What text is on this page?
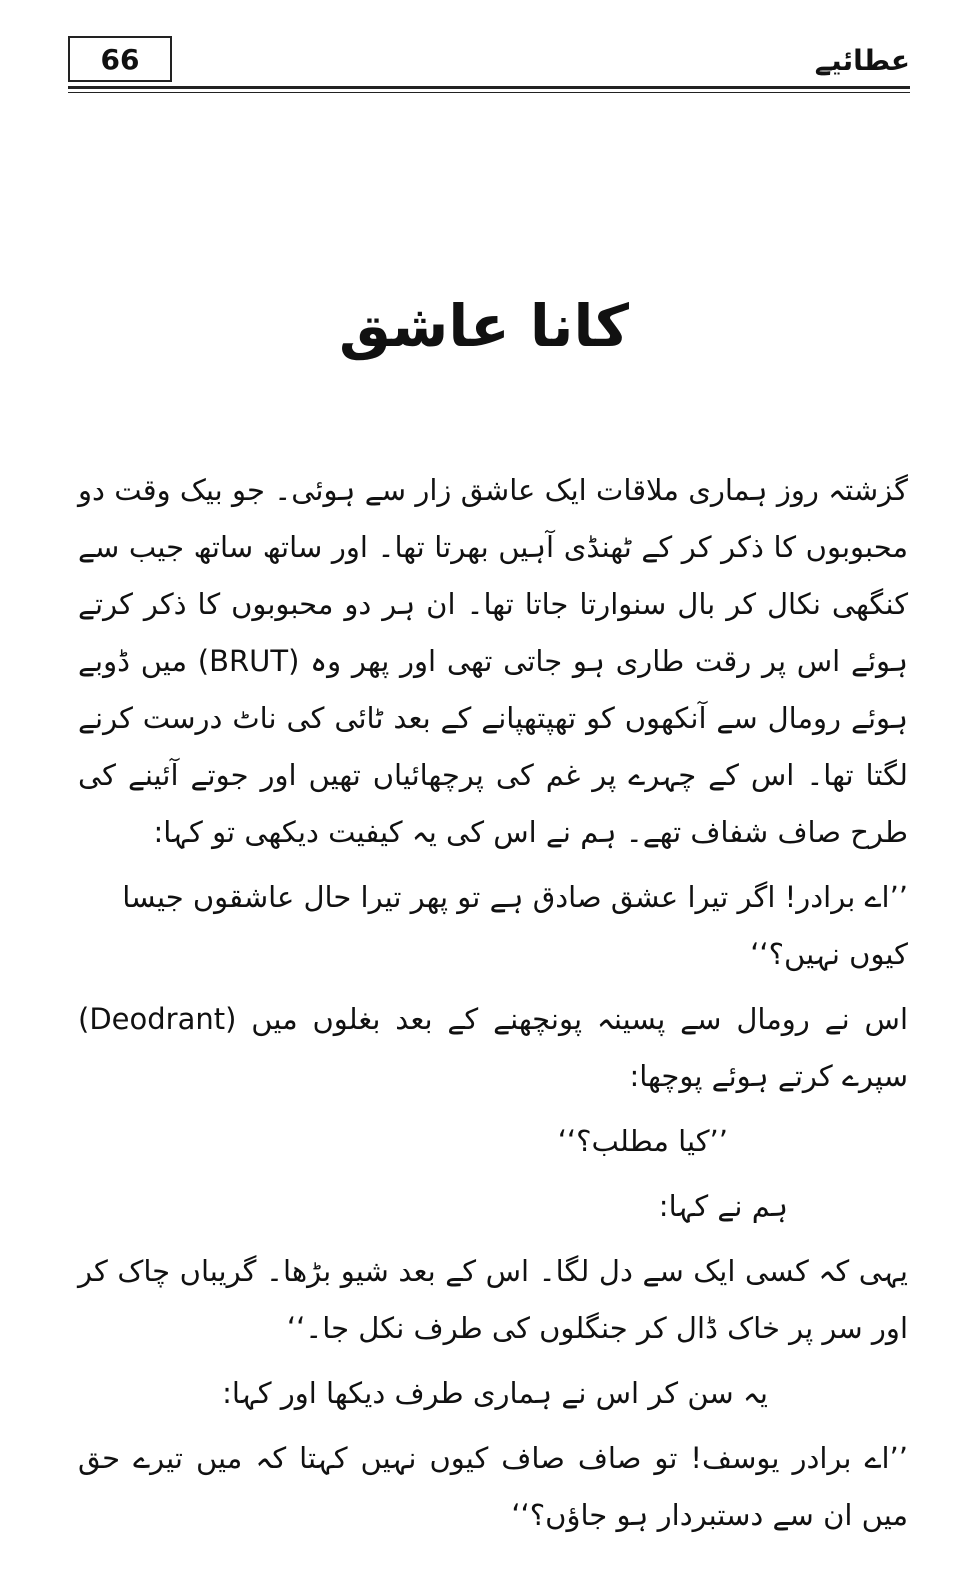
66	عطائیے
کانا عاشق

گزشتہ روز ہماری ملاقات ایک عاشق زار سے ہوئی۔ جو بیک وقت دو محبوبوں کا ذکر کر کے ٹھنڈی آہیں بھرتا تھا۔ اور ساتھ ساتھ جیب سے کنگھی نکال کر بال سنوارتا جاتا تھا۔ ان ہر دو محبوبوں کا ذکر کرتے ہوئے اس پر رقت طاری ہو جاتی تھی اور پھر وہ (BRUT) میں ڈوبے ہوئے رومال سے آنکھوں کو تھپتھپانے کے بعد ٹائی کی ناٹ درست کرنے لگتا تھا۔ اس کے چہرے پر غم کی پرچھائیاں تھیں اور جوتے آئینے کی طرح صاف شفاف تھے۔ ہم نے اس کی یہ کیفیت دیکھی تو کہا:

’’اے برادر! اگر تیرا عشق صادق ہے تو پھر تیرا حال عاشقوں جیسا کیوں نہیں؟‘‘

اس نے رومال سے پسینہ پونچھنے کے بعد بغلوں میں (Deodrant) سپرے کرتے ہوئے پوچھا:

’’کیا مطلب؟‘‘

ہم نے کہا:

یہی کہ کسی ایک سے دل لگا۔ اس کے بعد شیو بڑھا۔ گریباں چاک کر اور سر پر خاک ڈال کر جنگلوں کی طرف نکل جا۔‘‘

یہ سن کر اس نے ہماری طرف دیکھا اور کہا:

’’اے برادر یوسف! تو صاف صاف کیوں نہیں کہتا کہ میں تیرے حق میں ان سے دستبردار ہو جاؤں؟‘‘
